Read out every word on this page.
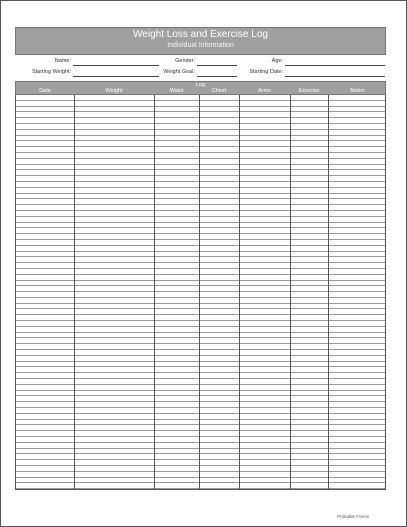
Weight Loss and Exercise Log
Individual Information
Name:	Gender:	Age:
Starting Weight:	Weight Goal:	Starting Date:
Log
Date	Weight	Waist	Chest	Arms	Exercise	Notes
Printable Forms
